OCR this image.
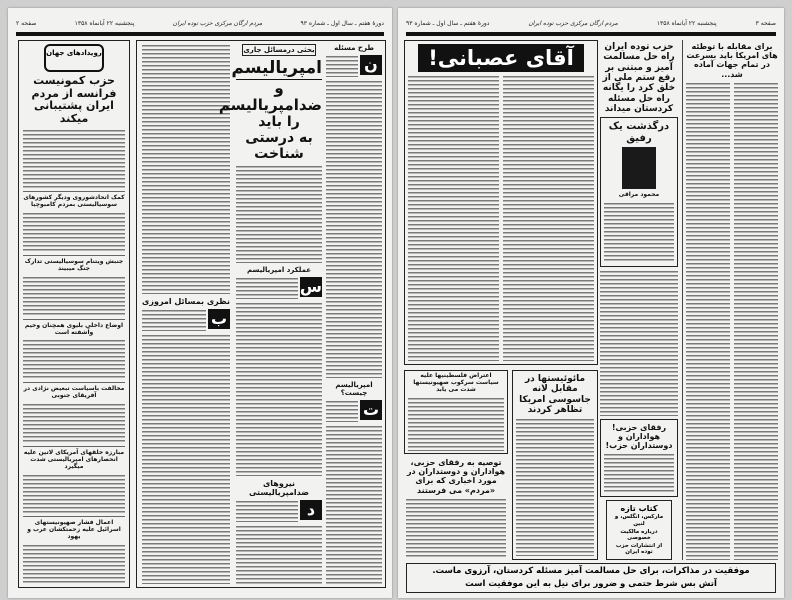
صفحه ۲	پنجشنبه ۲۲ آبانماه ۱۳۵۸	مردم ارگان مرکزی حزب توده ایران	دورهٔ هفتم ـ سال اول ـ شماره ۹۳
رویدادهای جهان
حزب کمونیست فرانسه از مردم ایران پشتیبانی میکند
کمک اتحادشوروی ودیگر کشورهای سوسیالیستی بمردم کامبوچیا
جنبش ویتنام سوسیالیستی تدارک جنگ میبیند
اوضاع داخلی بلیوی همچنان وخیم وآشفته است
مخالفت باسیاست تبعیض نژادی در آفریقای جنوبی
مبارزه خلقهای آمریکای لاتین علیه انحصارهای امپریالیستی شدت میگیرد
اعمال فشار صهیونیستهای اسرائیل علیه زحمتکشان عرب و یهود
نظری بمسائل امروزی
ب
بحثی درمسائل جاری
امپریالیسم
و
ضدامپریالیسم
را باید
به درستی
شناخت
عملکرد امپریالیسم
س
نیروهای ضدامپریالیستی
د
طرح مسئله
ن
امپریالیسم چیست؟
ت
دورهٔ هفتم ـ سال اول ـ شماره ۹۳	مردم ارگان مرکزی حزب توده ایران	پنجشنبه ۲۲ آبانماه ۱۳۵۸	صفحه ۳
آقای عصبانی!
اعتراض فلسطینیها علیه سیاست سرکوب صهیونیستها شدت می یابد
توصیه به رفقای حزبی، هواداران و دوستداران در مورد اخباری که برای «مردم» می فرستند
مائوئیستها در مقابل لانه جاسوسی امریکا تظاهر کردند
حزب توده ایران راه حل مسالمت آمیز و مبتنی بر رفع ستم ملی از خلق کرد را یگانه راه حل مسئله کردستان میداند
درگذشت یک رفیق
محمود مراقی
رفقای حزبی! هواداران و دوستداران حزب!
کتاب تازه
مارکس، انگلس، و لنین
درباره مالکیت خصوصی
از انتشارات حزب توده ایران
برای مقابله با توطئه های امریکا باید بسرعت در تمام جهات آماده شد...
موفقیت در مذاکرات، برای حل مسالمت آمیز مسئله کردستان، آرزوی ماست.
آتش بس شرط حتمی و ضرور برای نیل به این موفقیت است
